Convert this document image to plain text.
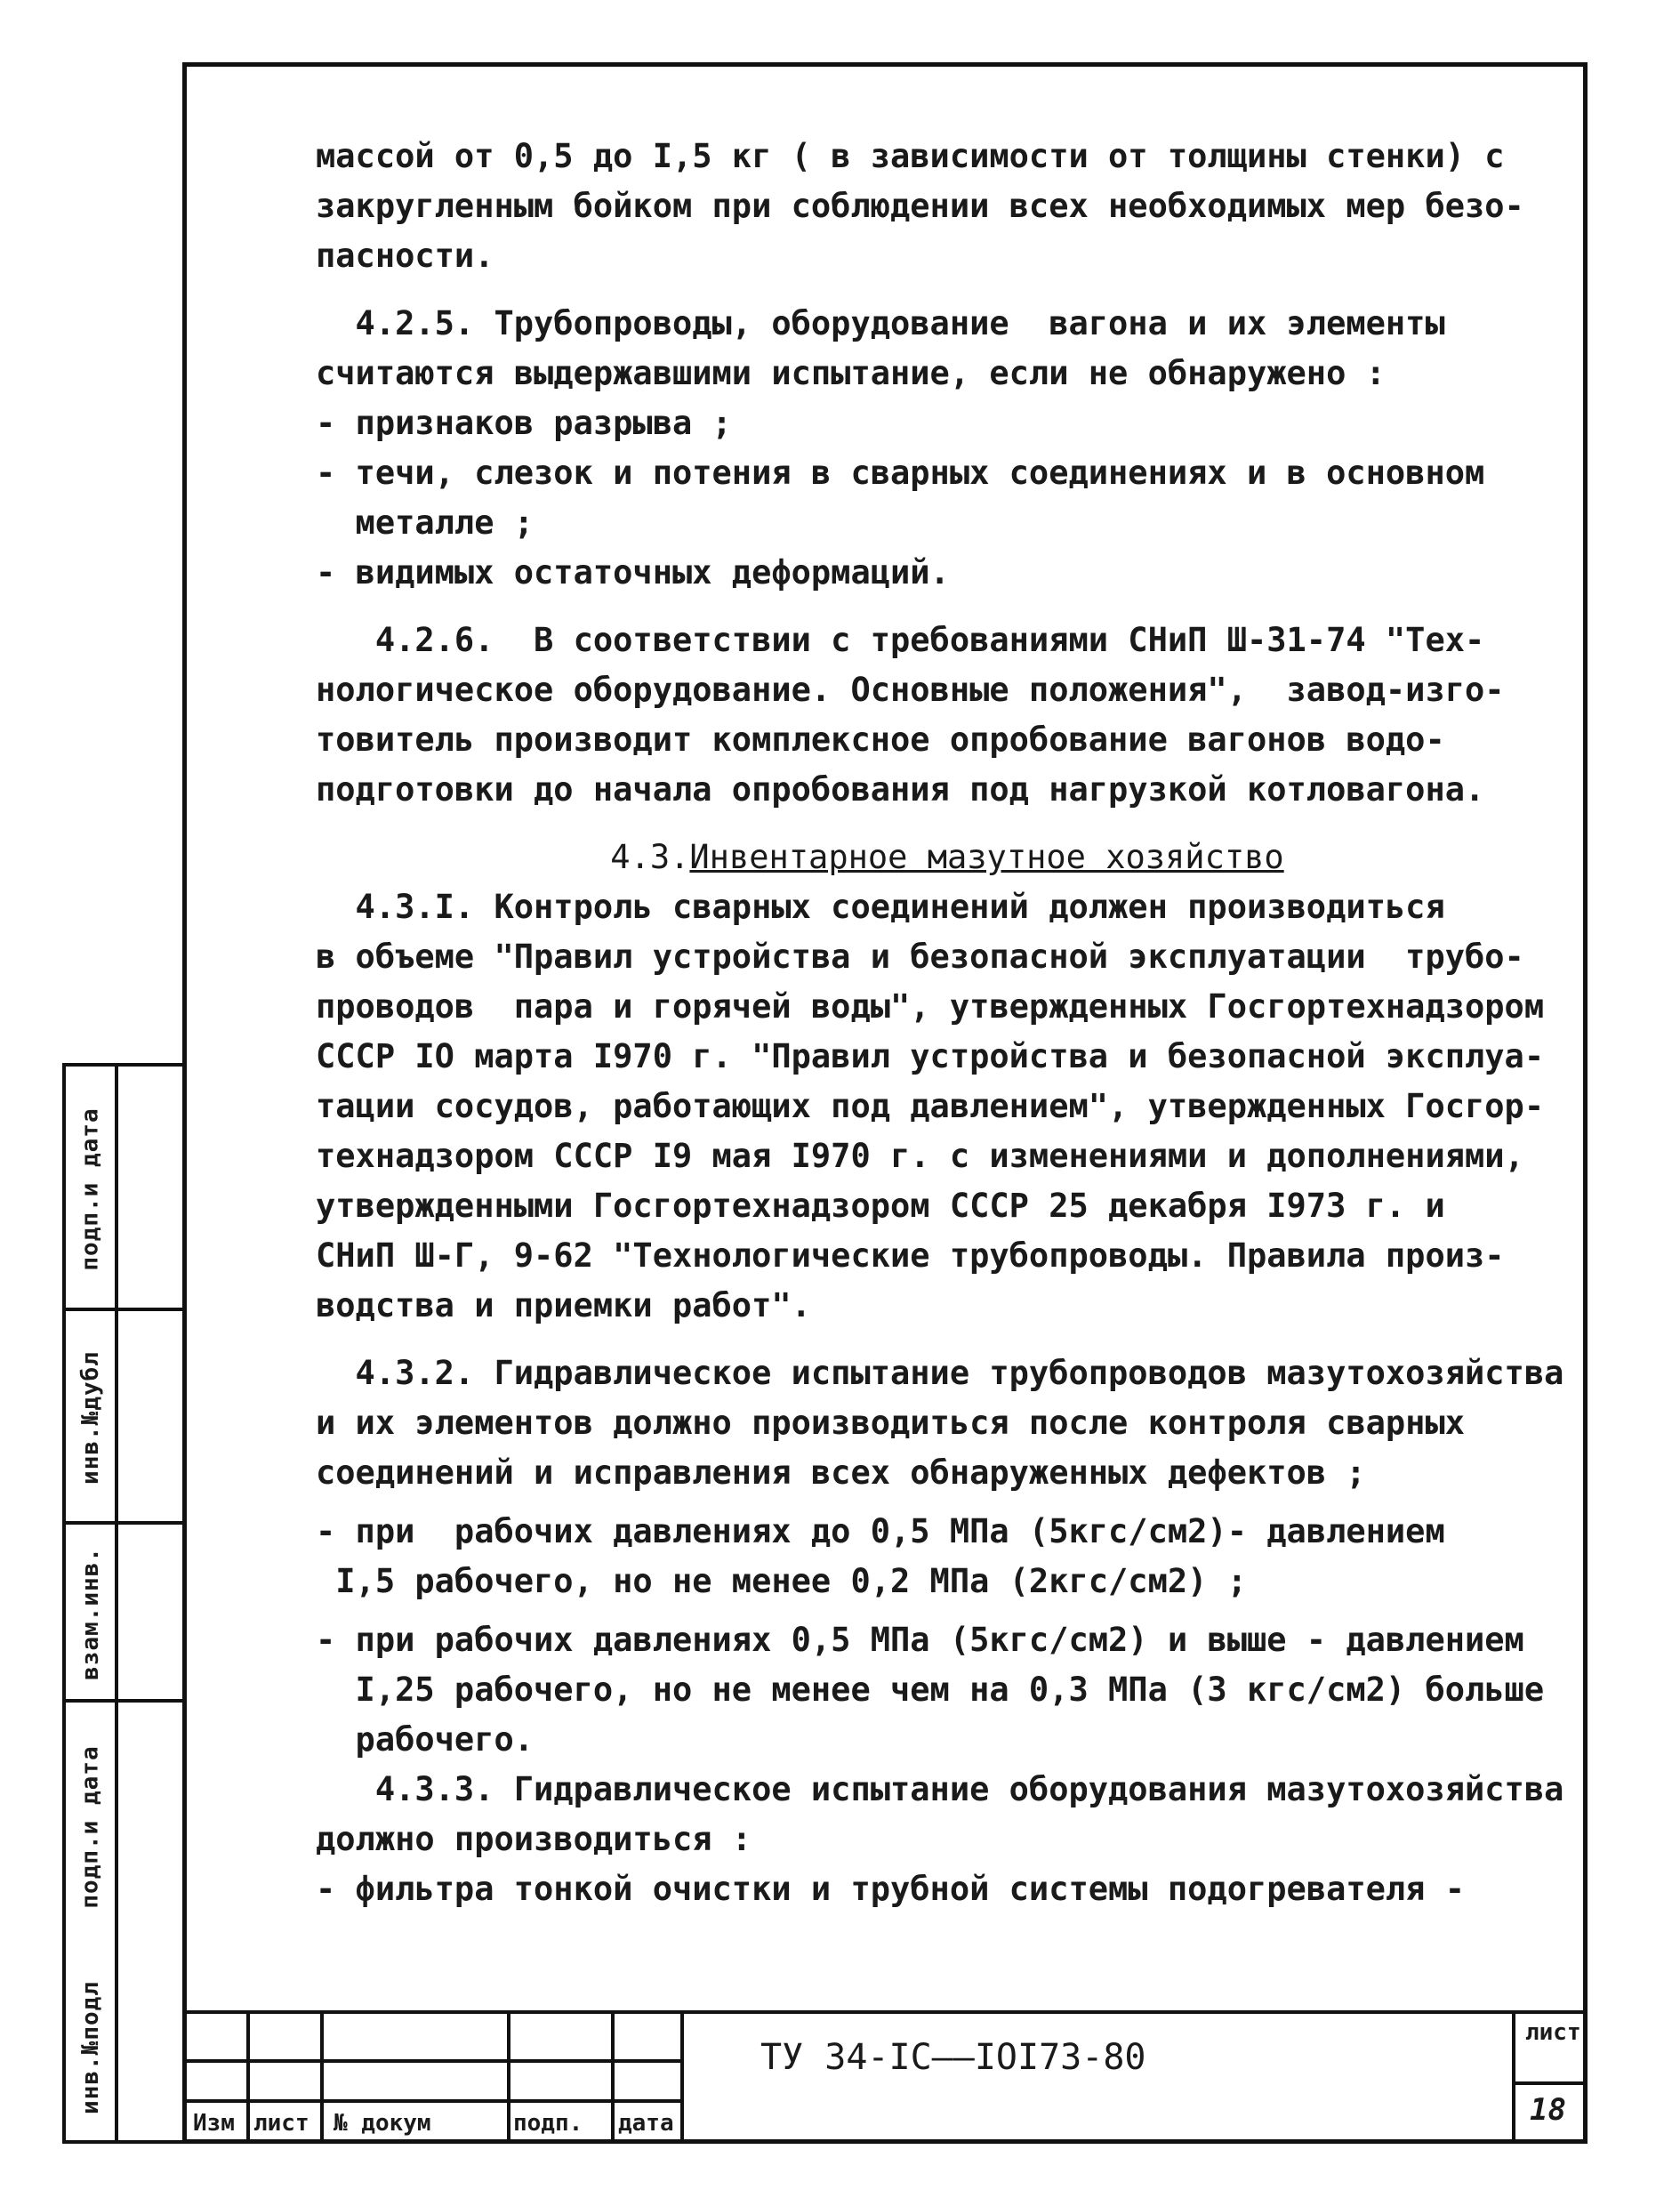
массой от 0,5 до I,5 кг ( в зависимости от толщины стенки) с

закругленным бойком при соблюдении всех необходимых мер безо-

пасности.

4.2.5. Трубопроводы, оборудование  вагона и их элементы

считаются выдержавшими испытание, если не обнаружено :

- признаков разрыва ;

- течи, слезок и потения в сварных соединениях и в основном

металле ;

- видимых остаточных деформаций.

4.2.6.  В соответствии с требованиями СНиП Ш-31-74 "Тех-

нологическое оборудование. Основные положения",  завод-изго-

товитель производит комплексное опробование вагонов водо-

подготовки до начала опробования под нагрузкой котловагона.

4.3.Инвентарное мазутное хозяйство

4.3.I. Контроль сварных соединений должен производиться

в объеме "Правил устройства и безопасной эксплуатации  трубо-

проводов  пара и горячей воды", утвержденных Госгортехнадзором

СССР IO марта I970 г. "Правил устройства и безопасной эксплуа-

тации сосудов, работающих под давлением", утвержденных Госгор-

технадзором СССР I9 мая I970 г. с изменениями и дополнениями,

утвержденными Госгортехнадзором СССР 25 декабря I973 г. и

СНиП Ш-Г, 9-62 "Технологические трубопроводы. Правила произ-

водства и приемки работ".

4.3.2. Гидравлическое испытание трубопроводов мазутохозяйства

и их элементов должно производиться после контроля сварных

соединений и исправления всех обнаруженных дефектов ;

- при  рабочих давлениях до 0,5 МПа (5кгс/см2)- давлением

I,5 рабочего, но не менее 0,2 МПа (2кгс/см2) ;

- при рабочих давлениях 0,5 МПа (5кгс/см2) и выше - давлением

I,25 рабочего, но не менее чем на 0,3 МПа (3 кгс/см2) больше

рабочего.

4.3.3. Гидравлическое испытание оборудования мазутохозяйства

должно производиться :

- фильтра тонкой очистки и трубной системы подогревателя -

подп.и дата
инв.№дубл
взам.инв.
подп.и дата
инв.№подл
Изм лист № докум	подп. дата
ТУ 34-IC——IOI73-80
лист
18
